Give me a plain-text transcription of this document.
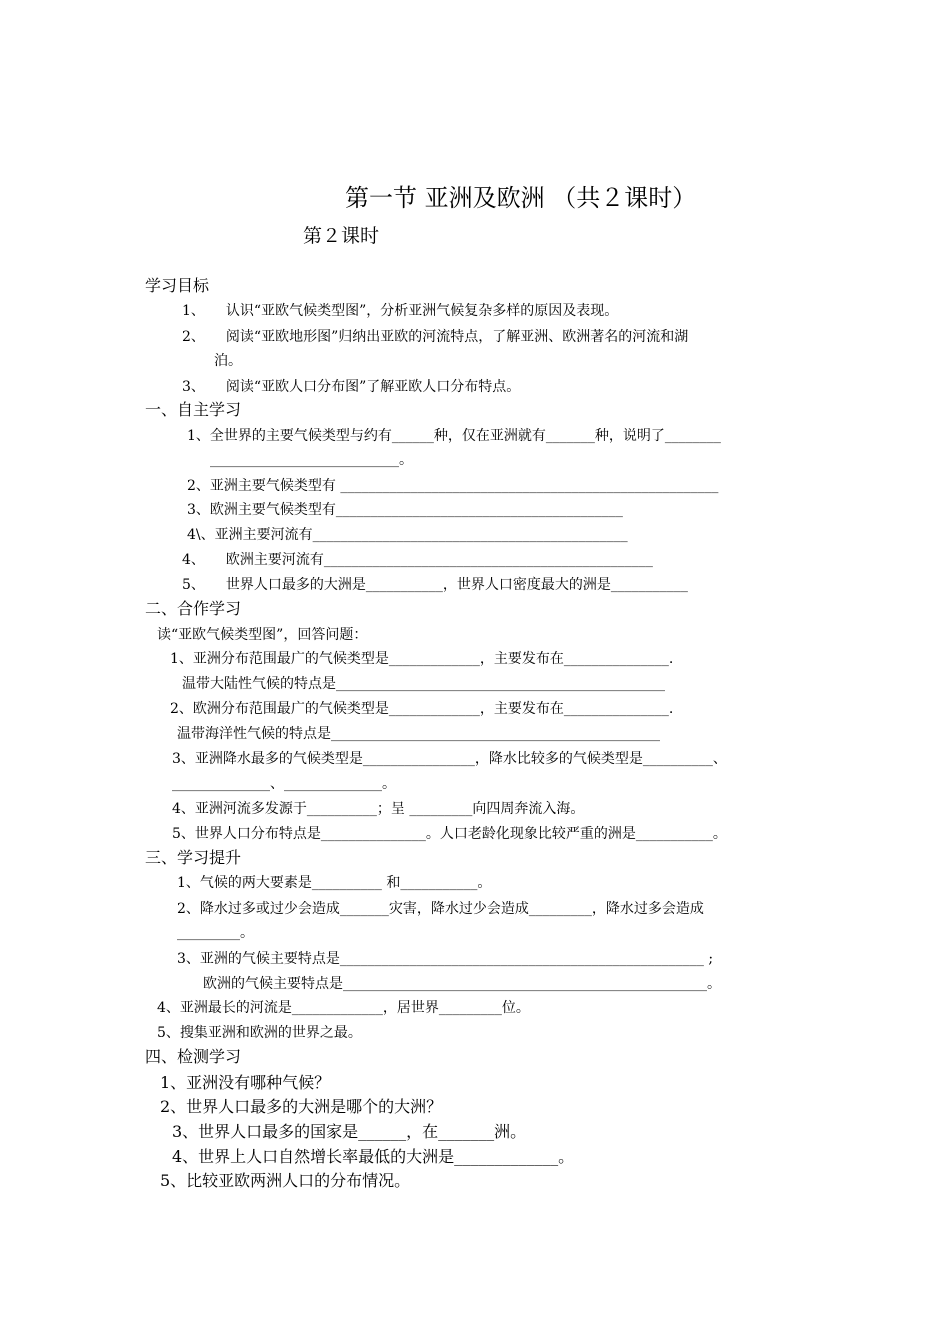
第一节 亚洲及欧洲 （共２课时）
第２课时
学习目标
1、　　认识“亚欧气候类型图”，分析亚洲气候复杂多样的原因及表现。
2、　　阅读“亚欧地形图”归纳出亚欧的河流特点，了解亚洲、欧洲著名的河流和湖
泊。
3、　　阅读“亚欧人口分布图”了解亚欧人口分布特点。
一、自主学习
1、全世界的主要气候类型与约有______种，仅在亚洲就有_______种，说明了________
___________________________。
2、亚洲主要气候类型有 ______________________________________________________
3、欧洲主要气候类型有_________________________________________
4\、亚洲主要河流有_____________________________________________
4、　　欧洲主要河流有_______________________________________________
5、　　世界人口最多的大洲是___________，世界人口密度最大的洲是___________
二、合作学习
读“亚欧气候类型图”，回答问题：
1、亚洲分布范围最广的气候类型是_____________，主要发布在_______________.
温带大陆性气候的特点是_______________________________________________
2、欧洲分布范围最广的气候类型是_____________，主要发布在_______________.
温带海洋性气候的特点是_______________________________________________
3、亚洲降水最多的气候类型是________________，降水比较多的气候类型是__________、
______________、______________。
4、亚洲河流多发源于__________；呈 _________向四周奔流入海。
5、世界人口分布特点是_______________。人口老龄化现象比较严重的洲是___________。
三、学习提升
1、气候的两大要素是__________ 和___________。
2、降水过多或过少会造成_______灾害，降水过少会造成_________，降水过多会造成
_________。
3、亚洲的气候主要特点是____________________________________________________ ;
欧洲的气候主要特点是____________________________________________________。
4、亚洲最长的河流是_____________，居世界_________位。
5、搜集亚洲和欧洲的世界之最。
四、检测学习
1、亚洲没有哪种气候？
2、世界人口最多的大洲是哪个的大洲？
3、世界人口最多的国家是______，在_______洲。
4、世界上人口自然增长率最低的大洲是_____________。
5、比较亚欧两洲人口的分布情况。
